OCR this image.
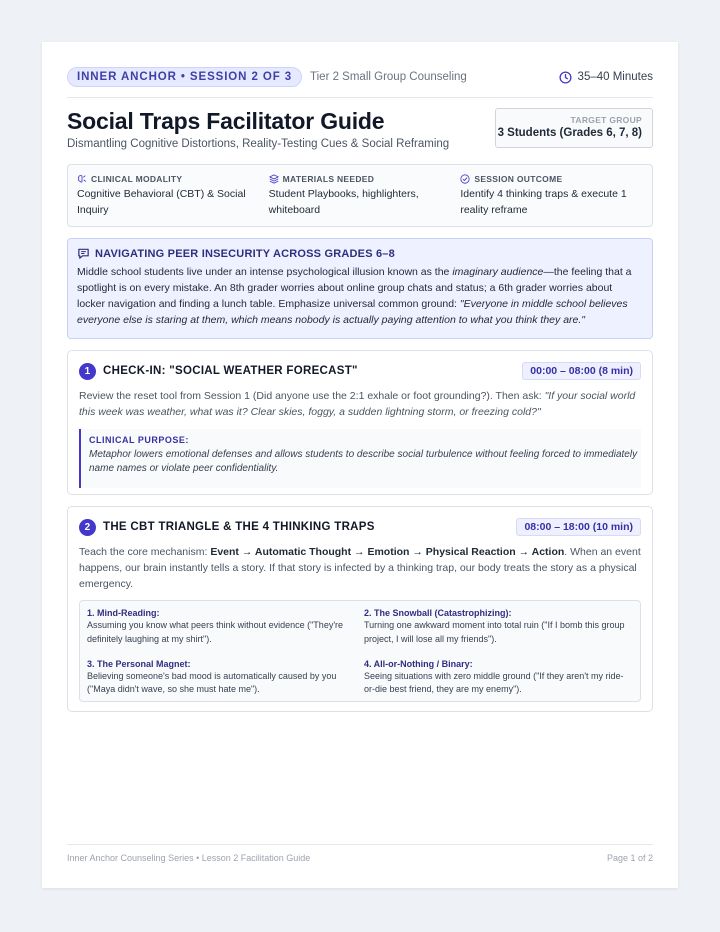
INNER ANCHOR • SESSION 2 OF 3	Tier 2 Small Group Counseling	35–40 Minutes
Social Traps Facilitator Guide
Dismantling Cognitive Distortions, Reality-Testing Cues & Social Reframing
TARGET GROUP
3 Students (Grades 6, 7, 8)
CLINICAL MODALITY
Cognitive Behavioral (CBT) & Social Inquiry
MATERIALS NEEDED
Student Playbooks, highlighters, whiteboard
SESSION OUTCOME
Identify 4 thinking traps & execute 1 reality reframe
NAVIGATING PEER INSECURITY ACROSS GRADES 6–8
Middle school students live under an intense psychological illusion known as the imaginary audience—the feeling that a spotlight is on every mistake. An 8th grader worries about online group chats and status; a 6th grader worries about locker navigation and finding a lunch table. Emphasize universal common ground: "Everyone in middle school believes everyone else is staring at them, which means nobody is actually paying attention to what you think they are."
1	CHECK-IN: "SOCIAL WEATHER FORECAST"	00:00 – 08:00 (8 min)
Review the reset tool from Session 1 (Did anyone use the 2:1 exhale or foot grounding?). Then ask: "If your social world this week was weather, what was it? Clear skies, foggy, a sudden lightning storm, or freezing cold?"
CLINICAL PURPOSE:
Metaphor lowers emotional defenses and allows students to describe social turbulence without feeling forced to immediately name names or violate peer confidentiality.
2	THE CBT TRIANGLE & THE 4 THINKING TRAPS	08:00 – 18:00 (10 min)
Teach the core mechanism: Event → Automatic Thought → Emotion → Physical Reaction → Action. When an event happens, our brain instantly tells a story. If that story is infected by a thinking trap, our body treats the story as a physical emergency.
1. Mind-Reading:
Assuming you know what peers think without evidence ("They're definitely laughing at my shirt").
2. The Snowball (Catastrophizing):
Turning one awkward moment into total ruin ("If I bomb this group project, I will lose all my friends").
3. The Personal Magnet:
Believing someone's bad mood is automatically caused by you ("Maya didn't wave, so she must hate me").
4. All-or-Nothing / Binary:
Seeing situations with zero middle ground ("If they aren't my ride-or-die best friend, they are my enemy").
Inner Anchor Counseling Series • Lesson 2 Facilitation Guide	Page 1 of 2
